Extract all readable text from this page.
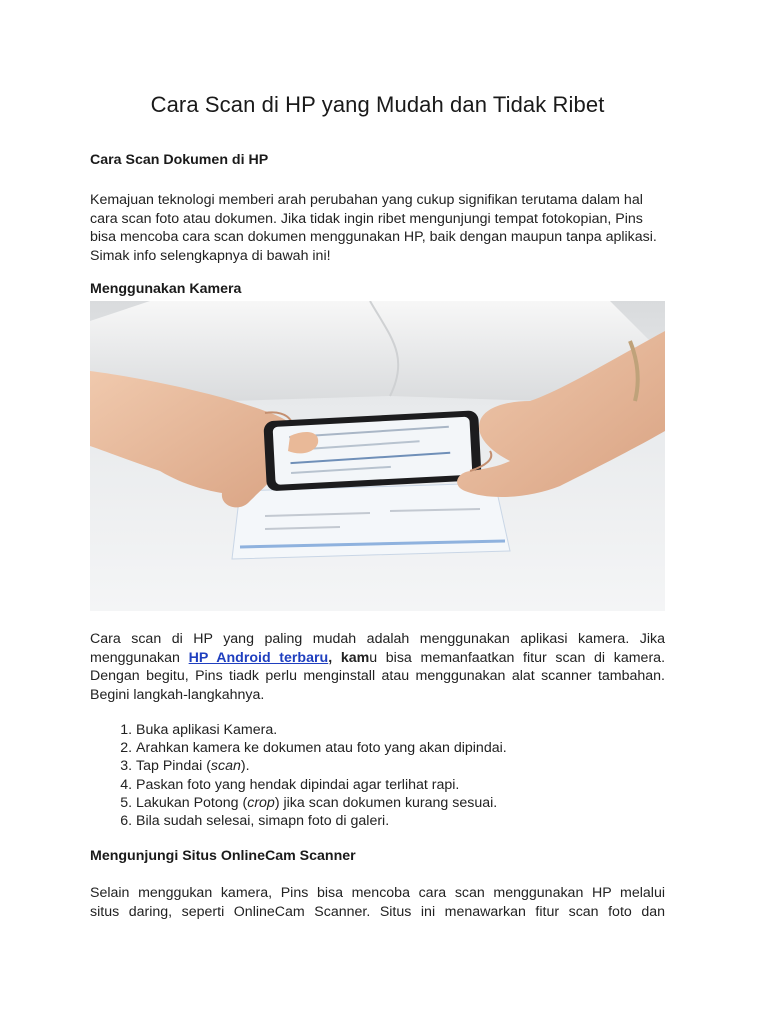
Cara Scan di HP yang Mudah dan Tidak Ribet
Cara Scan Dokumen di HP

Kemajuan teknologi memberi arah perubahan yang cukup signifikan terutama dalam hal cara scan foto atau dokumen. Jika tidak ingin ribet mengunjungi tempat fotokopian, Pins bisa mencoba cara scan dokumen menggunakan HP, baik dengan maupun tanpa aplikasi. Simak info selengkapnya di bawah ini!

Menggunakan Kamera

Cara scan di HP yang paling mudah adalah menggunakan aplikasi kamera. Jika menggunakan HP Android terbaru, kamu bisa memanfaatkan fitur scan di kamera. Dengan begitu, Pins tiadk perlu menginstall atau menggunakan alat scanner tambahan. Begini langkah-langkahnya.

1. Buka aplikasi Kamera.
2. Arahkan kamera ke dokumen atau foto yang akan dipindai.
3. Tap Pindai (scan).
4. Paskan foto yang hendak dipindai agar terlihat rapi.
5. Lakukan Potong (crop) jika scan dokumen kurang sesuai.
6. Bila sudah selesai, simapn foto di galeri.
Mengunjungi Situs OnlineCam Scanner

Selain menggukan kamera, Pins bisa mencoba cara scan menggunakan HP melalui

situs daring, seperti OnlineCam Scanner. Situs ini menawarkan fitur scan foto dan
